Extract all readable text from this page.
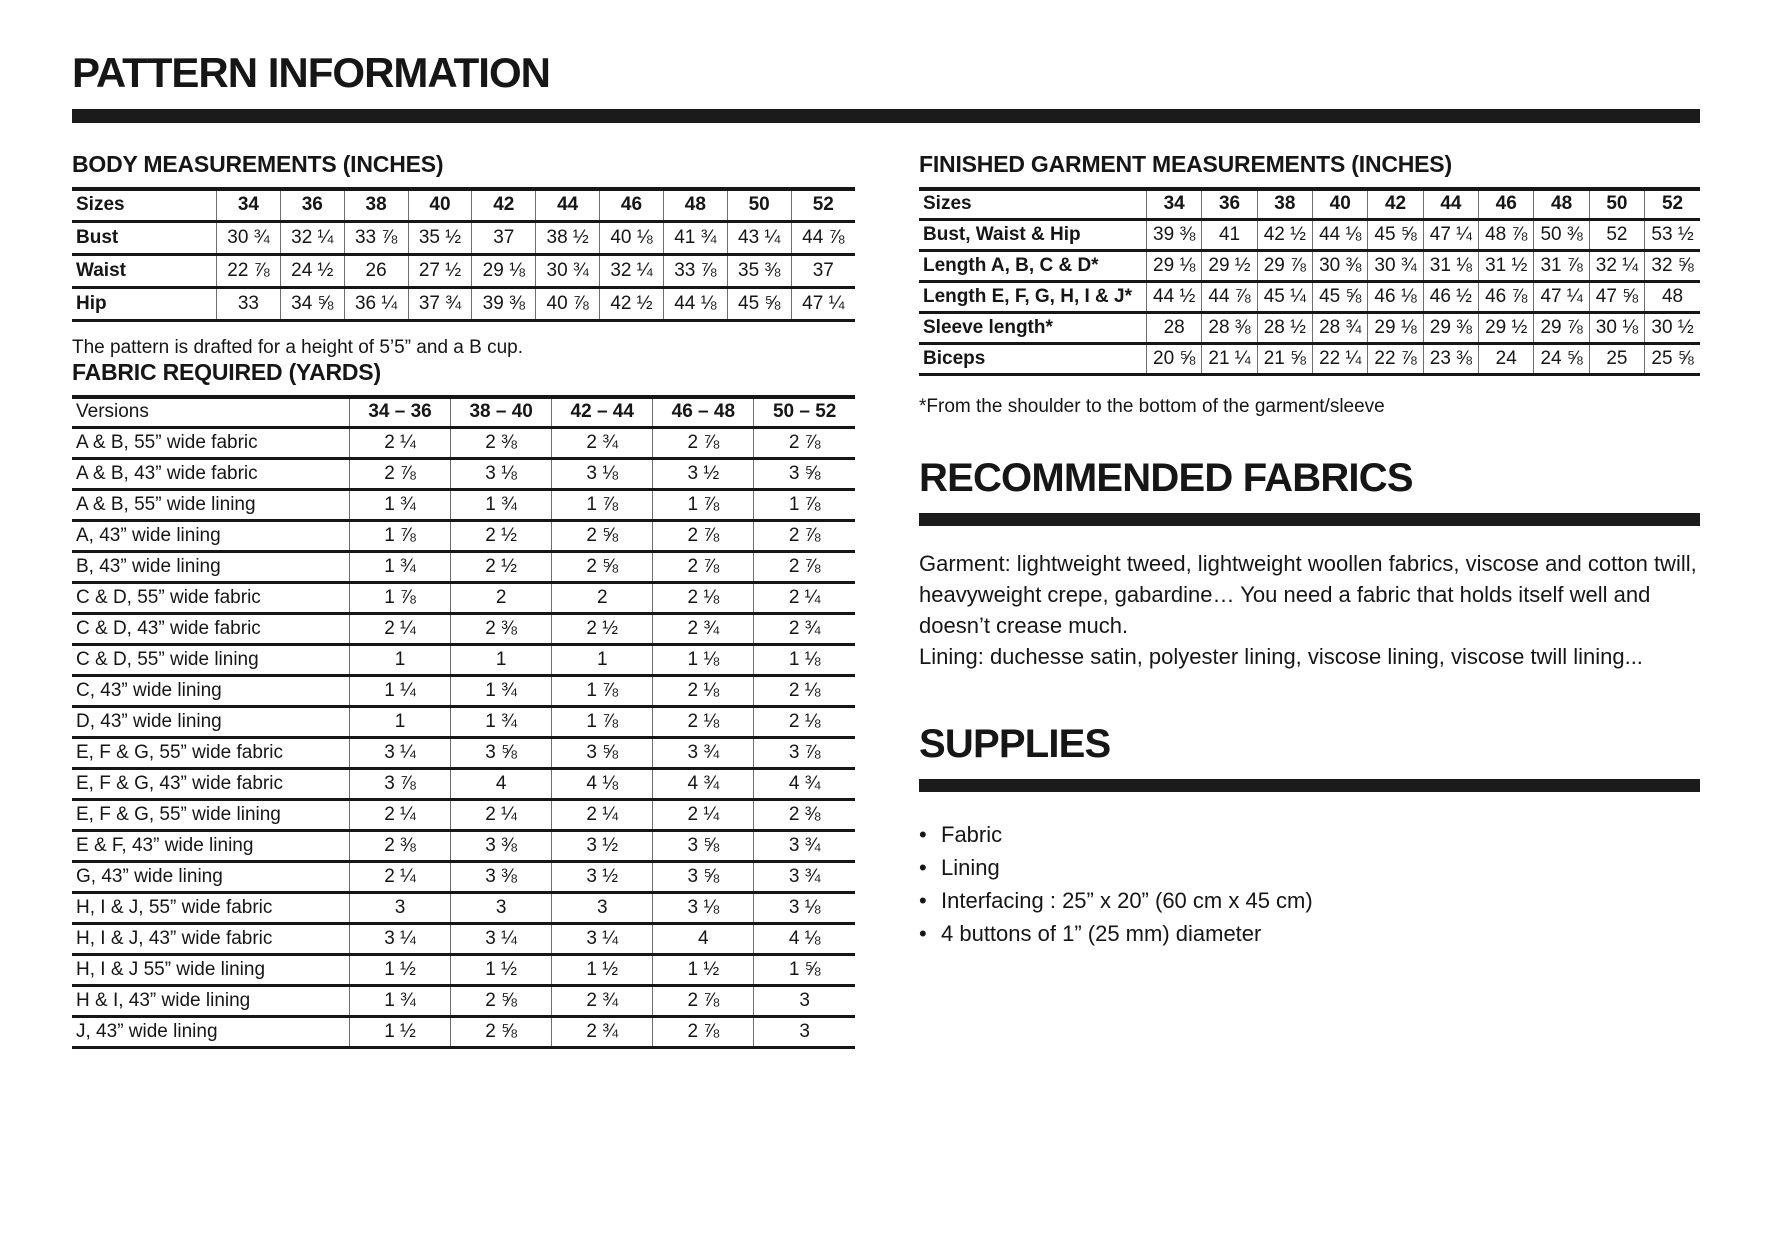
PATTERN INFORMATION
BODY MEASUREMENTS (INCHES)
Sizes	34	36	38	40	42	44	46	48	50	52
Bust	30 ¾	32 ¼	33 ⅞	35 ½	37	38 ½	40 ⅛	41 ¾	43 ¼	44 ⅞
Waist	22 ⅞	24 ½	26	27 ½	29 ⅛	30 ¾	32 ¼	33 ⅞	35 ⅜	37
Hip	33	34 ⅝	36 ¼	37 ¾	39 ⅜	40 ⅞	42 ½	44 ⅛	45 ⅝	47 ¼

The pattern is drafted for a height of 5’5” and a B cup.

FABRIC REQUIRED (YARDS)
Versions	34 – 36	38 – 40	42 – 44	46 – 48	50 – 52
A & B, 55” wide fabric	2 ¼	2 ⅜	2 ¾	2 ⅞	2 ⅞
A & B, 43” wide fabric	2 ⅞	3 ⅛	3 ⅛	3 ½	3 ⅝
A & B, 55” wide lining	1 ¾	1 ¾	1 ⅞	1 ⅞	1 ⅞
A, 43” wide lining	1 ⅞	2 ½	2 ⅝	2 ⅞	2 ⅞
B, 43” wide lining	1 ¾	2 ½	2 ⅝	2 ⅞	2 ⅞
C & D, 55” wide fabric	1 ⅞	2	2	2 ⅛	2 ¼
C & D, 43” wide fabric	2 ¼	2 ⅜	2 ½	2 ¾	2 ¾
C & D, 55” wide lining	1	1	1	1 ⅛	1 ⅛
C, 43” wide lining	1 ¼	1 ¾	1 ⅞	2 ⅛	2 ⅛
D, 43” wide lining	1	1 ¾	1 ⅞	2 ⅛	2 ⅛
E, F & G, 55” wide fabric	3 ¼	3 ⅝	3 ⅝	3 ¾	3 ⅞
E, F & G, 43” wide fabric	3 ⅞	4	4 ⅛	4 ¾	4 ¾
E, F & G, 55” wide lining	2 ¼	2 ¼	2 ¼	2 ¼	2 ⅜
E & F, 43” wide lining	2 ⅜	3 ⅜	3 ½	3 ⅝	3 ¾
G, 43” wide lining	2 ¼	3 ⅜	3 ½	3 ⅝	3 ¾
H, I & J, 55” wide fabric	3	3	3	3 ⅛	3 ⅛
H, I & J, 43” wide fabric	3 ¼	3 ¼	3 ¼	4	4 ⅛
H, I & J 55” wide lining	1 ½	1 ½	1 ½	1 ½	1 ⅝
H & I, 43” wide lining	1 ¾	2 ⅝	2 ¾	2 ⅞	3
J, 43” wide lining	1 ½	2 ⅝	2 ¾	2 ⅞	3
FINISHED GARMENT MEASUREMENTS (INCHES)
Sizes	34	36	38	40	42	44	46	48	50	52
Bust, Waist & Hip	39 ⅜	41	42 ½	44 ⅛	45 ⅝	47 ¼	48 ⅞	50 ⅜	52	53 ½
Length A, B, C & D*	29 ⅛	29 ½	29 ⅞	30 ⅜	30 ¾	31 ⅛	31 ½	31 ⅞	32 ¼	32 ⅝
Length E, F, G, H, I & J*	44 ½	44 ⅞	45 ¼	45 ⅝	46 ⅛	46 ½	46 ⅞	47 ¼	47 ⅝	48
Sleeve length*	28	28 ⅜	28 ½	28 ¾	29 ⅛	29 ⅜	29 ½	29 ⅞	30 ⅛	30 ½
Biceps	20 ⅝	21 ¼	21 ⅝	22 ¼	22 ⅞	23 ⅜	24	24 ⅝	25	25 ⅝

*From the shoulder to the bottom of the garment/sleeve

RECOMMENDED FABRICS

Garment: lightweight tweed, lightweight woollen fabrics, viscose and cotton twill, heavyweight crepe, gabardine… You need a fabric that holds itself well and doesn’t crease much.

Lining: duchesse satin, polyester lining, viscose lining, viscose twill lining...

SUPPLIES
• Fabric
• Lining
• Interfacing : 25” x 20” (60 cm x 45 cm)
• 4 buttons of 1” (25 mm) diameter
